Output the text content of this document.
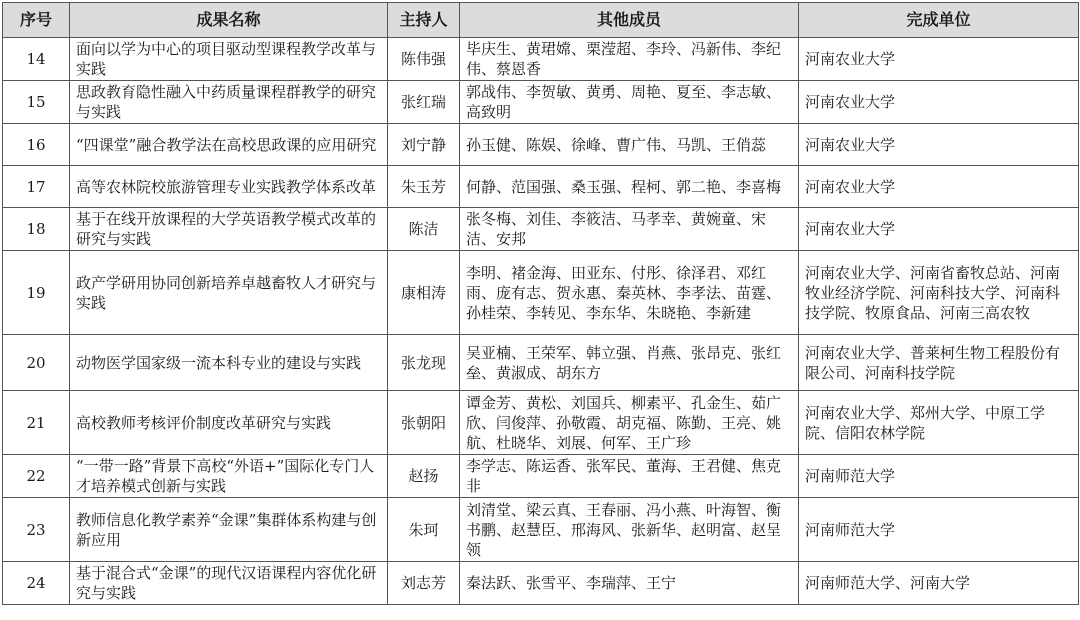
序号	成果名称	主持人	其他成员	完成单位
14	面向以学为中心的项目驱动型课程教学改革与实践	陈伟强	毕庆生、黄珺嫦、栗滢超、李玲、冯新伟、李纪伟、蔡恩香	河南农业大学
15	思政教育隐性融入中药质量课程群教学的研究与实践	张红瑞	郭战伟、李贺敏、黄勇、周艳、夏至、李志敏、高致明	河南农业大学
16	“四课堂”融合教学法在高校思政课的应用研究	刘宁静	孙玉健、陈娱、徐峰、曹广伟、马凯、王俏蕊	河南农业大学
17	高等农林院校旅游管理专业实践教学体系改革	朱玉芳	何静、范国强、桑玉强、程柯、郭二艳、李喜梅	河南农业大学
18	基于在线开放课程的大学英语教学模式改革的研究与实践	陈洁	张冬梅、刘佳、李筱洁、马孝幸、黄婉童、宋洁、安邦	河南农业大学
19	政产学研用协同创新培养卓越畜牧人才研究与实践	康相涛	李明、褚金海、田亚东、付彤、徐泽君、邓红雨、庞有志、贺永惠、秦英林、李孝法、苗霆、孙桂荣、李转见、李东华、朱晓艳、李新建	河南农业大学、河南省畜牧总站、河南牧业经济学院、河南科技大学、河南科技学院、牧原食品、河南三高农牧
20	动物医学国家级一流本科专业的建设与实践	张龙现	吴亚楠、王荣军、韩立强、肖燕、张昂克、张红垒、黄淑成、胡东方	河南农业大学、普莱柯生物工程股份有限公司、河南科技学院
21	高校教师考核评价制度改革研究与实践	张朝阳	谭金芳、黄松、刘国兵、柳素平、孔金生、茹广欣、闫俊萍、孙敬霞、胡克福、陈勤、王亮、姚航、杜晓华、刘展、何军、王广珍	河南农业大学、郑州大学、中原工学院、信阳农林学院
22	“一带一路”背景下高校“外语+”国际化专门人才培养模式创新与实践	赵扬	李学志、陈运香、张军民、董海、王君健、焦克非	河南师范大学
23	教师信息化教学素养“金课”集群体系构建与创新应用	朱珂	刘清堂、梁云真、王春丽、冯小燕、叶海智、衡书鹏、赵慧臣、邢海风、张新华、赵明富、赵呈领	河南师范大学
24	基于混合式“金课”的现代汉语课程内容优化研究与实践	刘志芳	秦法跃、张雪平、李瑞萍、王宁	河南师范大学、河南大学
